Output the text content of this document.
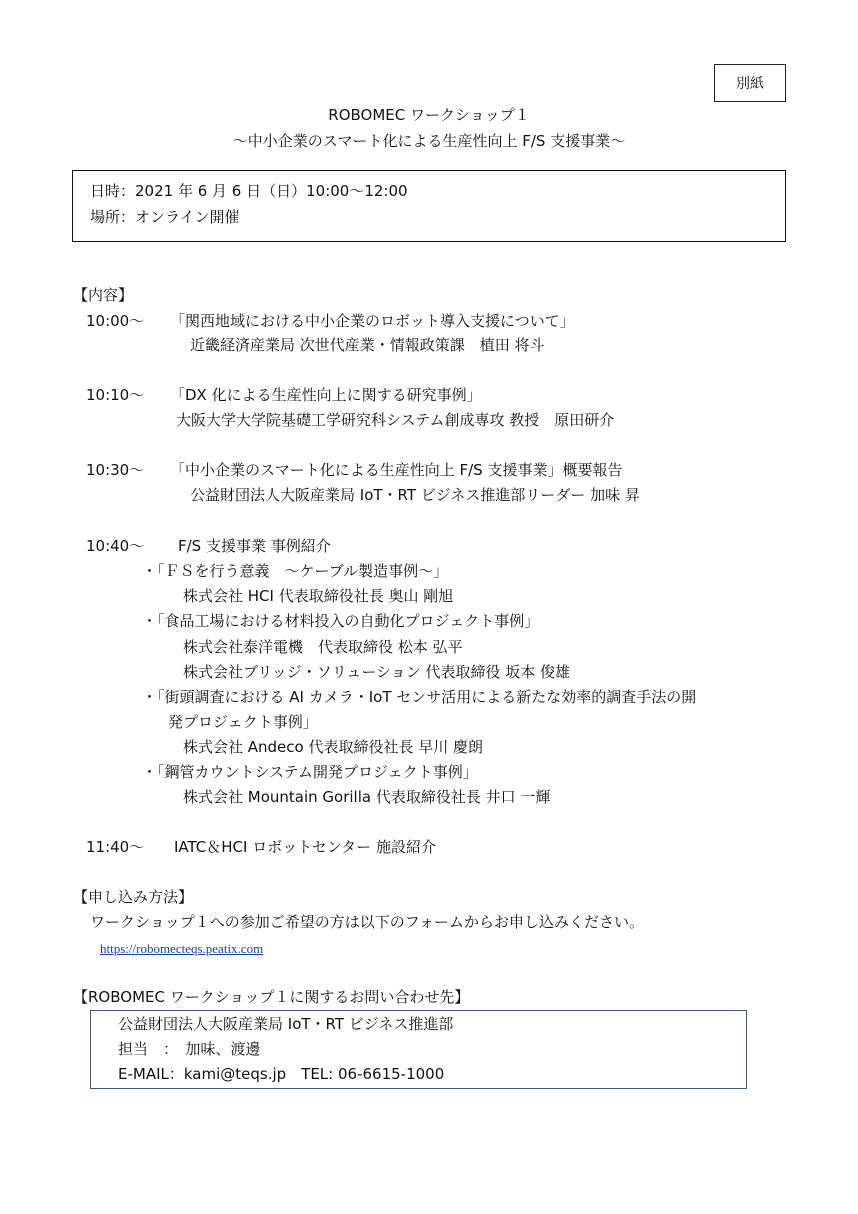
別紙
ROBOMEC ワークショップ１
～中小企業のスマート化による生産性向上 F/S 支援事業～
日時：2021 年 6 月 6 日（日）10:00～12:00
場所：オンライン開催
【内容】
10:00～ 「関西地域における中小企業のロボット導入支援について」
近畿経済産業局 次世代産業・情報政策課　植田 将斗
10:10～ 「DX 化による生産性向上に関する研究事例」
大阪大学大学院基礎工学研究科システム創成専攻 教授　原田研介
10:30～ 「中小企業のスマート化による生産性向上 F/S 支援事業」概要報告
公益財団法人大阪産業局 IoT・RT ビジネス推進部リーダー 加味 昇
10:40～ F/S 支援事業 事例紹介
・「ＦＳを行う意義　～ケーブル製造事例～」
株式会社 HCI 代表取締役社長 奥山 剛旭
・「食品工場における材料投入の自動化プロジェクト事例」
株式会社泰洋電機　代表取締役 松本 弘平
株式会社ブリッジ・ソリューション 代表取締役 坂本 俊雄
・「街頭調査における AI カメラ・IoT センサ活用による新たな効率的調査手法の開
発プロジェクト事例」
株式会社 Andeco 代表取締役社長 早川 慶朗
・「鋼管カウントシステム開発プロジェクト事例」
株式会社 Mountain Gorilla 代表取締役社長 井口 一輝
11:40～ IATC＆HCI ロボットセンター 施設紹介
【申し込み方法】
ワークショップ１への参加ご希望の方は以下のフォームからお申し込みください。
https://robomecteqs.peatix.com
【ROBOMEC ワークショップ１に関するお問い合わせ先】
公益財団法人大阪産業局 IoT・RT ビジネス推進部
担当　：　加味、渡邊
E-MAIL：kami@teqs.jp　TEL: 06-6615-1000
